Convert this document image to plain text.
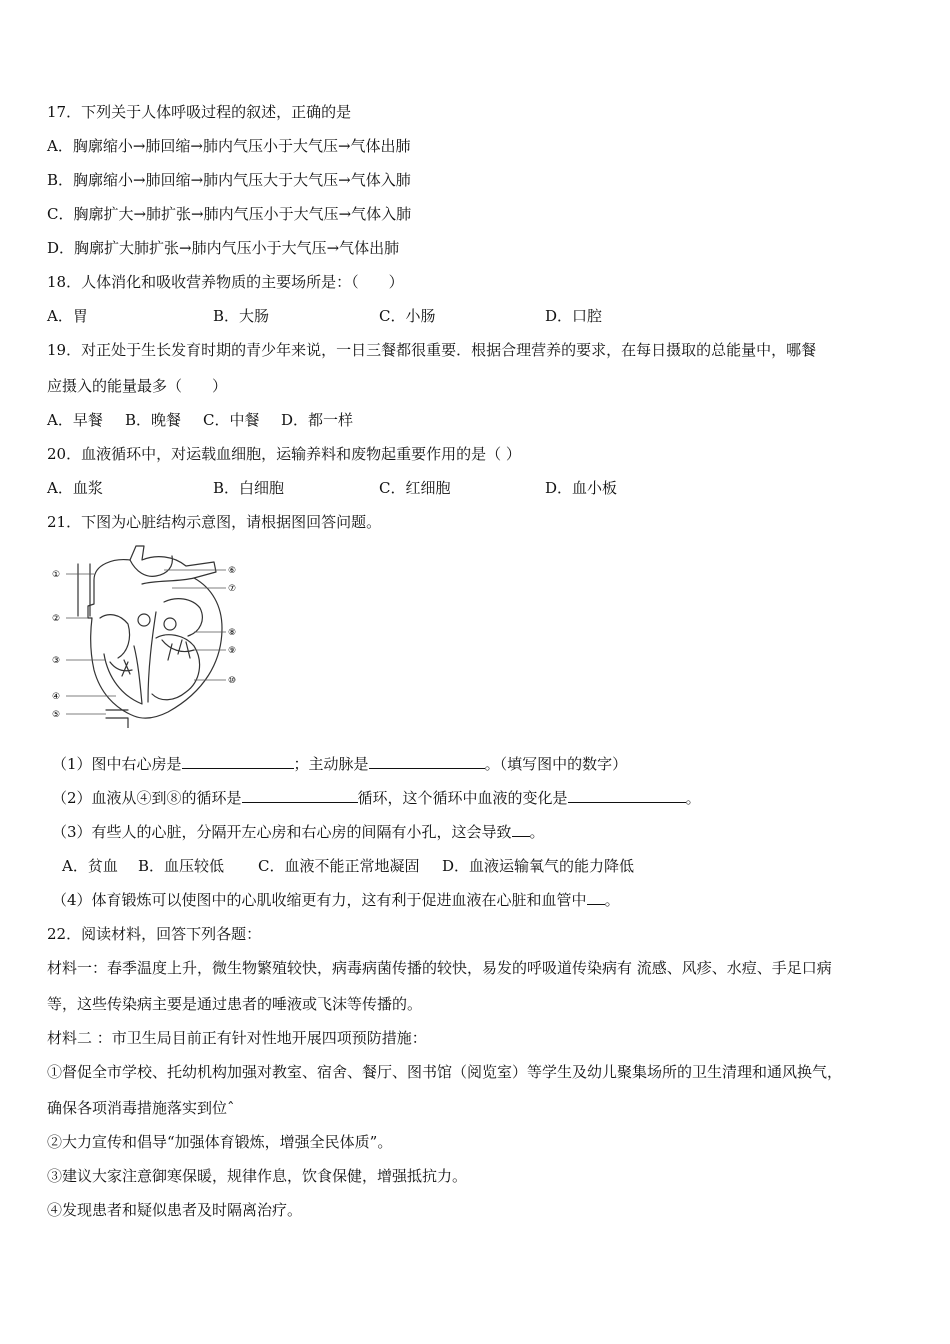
17．下列关于人体呼吸过程的叙述，正确的是
A．胸廓缩小→肺回缩→肺内气压小于大气压→气体出肺
B．胸廓缩小→肺回缩→肺内气压大于大气压→气体入肺
C．胸廓扩大→肺扩张→肺内气压小于大气压→气体入肺
D．胸廓扩大肺扩张→肺内气压小于大气压→气体出肺
18．人体消化和吸收营养物质的主要场所是：（　　）
A．胃	B．大肠	C．小肠	D．口腔
19．对正处于生长发育时期的青少年来说，一日三餐都很重要．根据合理营养的要求，在每日摄取的总能量中，哪餐
应摄入的能量最多（　　）
A．早餐 B．晚餐 C．中餐 D．都一样
20．血液循环中，对运载血细胞，运输养料和废物起重要作用的是（ ）
A．血浆	B．白细胞	C．红细胞	D．血小板
21．下图为心脏结构示意图，请根据图回答问题。
①
②
③
④
⑤
⑥
⑦
⑧
⑨
⑩
（1）图中右心房是	；主动脉是	。（填写图中的数字）
（2）血液从④到⑧的循环是	循环，这个循环中血液的变化是	。
（3）有些人的心脏，分隔开左心房和右心房的间隔有小孔，这会导致 。
A．贫血 B．血压较低 C．血液不能正常地凝固 D．血液运输氧气的能力降低
（4）体育锻炼可以使图中的心肌收缩更有力，这有利于促进血液在心脏和血管中 。
22．阅读材料，回答下列各题：
材料一：春季温度上升，微生物繁殖较快，病毒病菌传播的较快，易发的呼吸道传染病有 流感、风疹、水痘、手足口病
等，这些传染病主要是通过患者的唾液或飞沫等传播的。
材料二 ：市卫生局目前正有针对性地开展四项预防措施：
①督促全市学校、托幼机构加强对教室、宿舍、餐厅、图书馆（阅览室）等学生及幼儿聚集场所的卫生清理和通风换气，
确保各项消毒措施落实到位ˆ
②大力宣传和倡导“加强体育锻炼，增强全民体质”。
③建议大家注意御寒保暖，规律作息，饮食保健，增强抵抗力。
④发现患者和疑似患者及时隔离治疗。
